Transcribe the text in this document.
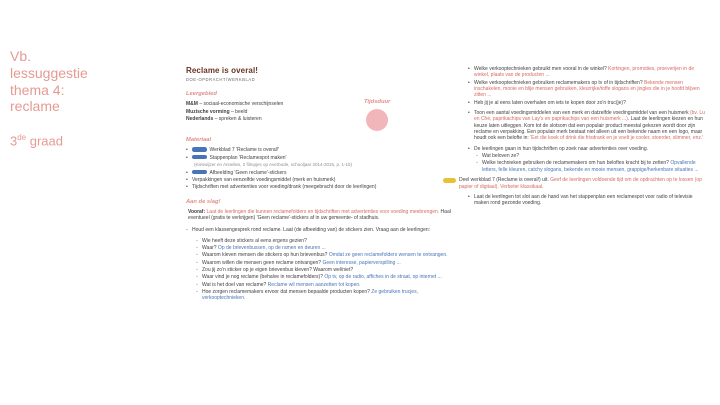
Vb. lessuggestie thema 4: reclame
3de graad
Reclame is overal!
DOE-OPDRACHT/WERKBLAD
Leergebied
M&M – sociaal-economische verschijnselen
Muzische vorming – beeld
Nederlands – spreken & luisteren
Materiaal
•	Werkblad 7 'Reclame is overal!'
•	Stappenplan 'Reclamespot maken'
(Kieswijzer en Annelies, 2 filmpjes op Averbode, schooljaar 2014-2015, p. 1-15)
•	Afbeelding 'Geen reclame'-stickers
• Verpakkingen van eenzelfde voedingsmiddel (merk en huismerk)
• Tijdschriften met advertenties voor voeding/drank (meegebracht door de leerlingen)
Aan de slag!
Vooraf: Laat de leerlingen die kunnen reclamefolders en tijdschriften met advertenties voor voeding meebrengen. Haal eventueel (gratis te verkrijgen) 'Geen reclame'-stickers af in uw gemeente- of stadhuis.
- Houd een klassengesprek rond reclame. Laat (de afbeelding van) de stickers zien. Vraag aan de leerlingen:
◦ Wie heeft deze stickers al eens ergens gezien?
◦ Waar? Op de brievenbussen, op de ramen en deuren ...
◦ Waarom kleven mensen die stickers op hun brievenbus? Omdat ze geen reclamefolders wensen te ontvangen.
◦ Waarom willen die mensen geen reclame ontvangen? Geen interesse, papierverspilling ...
◦ Zou jij zo'n sticker op je eigen brievenbus kleven? Waarom wel/niet?
◦ Waar vind je nog reclame (behalve in reclamefolders)? Op tv, op de radio, affiches in de straat, op internet ...
◦ Wat is het doel van reclame? Reclame wil mensen aanzetten tot kopen.
◦ Hoe zorgen reclamemakers ervoor dat mensen bepaalde producten kopen? Ze gebruiken trucjes, verkooptechnieken.
Tijdsduur
• Welke verkooptechnieken gebruikt men vooral in de winkel? Kortingen, promoties, proeverijen in de winkel, plaats van de producten ...
• Welke verkooptechnieken gebruiken reclamemakers op tv of in tijdschriften? Bekende mensen inschakelen, mooie en blije mensen gebruiken, kleurrijke/toffe slogans en jingles die in je hoofd blijven zitten ...
• Heb jij je al eens laten overhalen om iets te kopen door zo'n truc(je)?
• Toon een aantal voedingsmiddelen van een merk en datzelfde voedingsmiddel van een huismerk (bv. Lu en Ché, paprikachips van Lay's en paprikachips van een huismerk ...). Laat de leerlingen kiezen en hun keuze laten uitleggen. Kom tot de slotsom dat een populair product meestal gekozen wordt door zijn reclame en verpakking. Een populair merk bestaat niet alleen uit een bekende naam en een logo, maar houdt ook een belofte in: 'Eet die koek of drink die frisdrank en je voelt je cooler, stoerder, slimmer, enz.'
• De leerlingen gaan in hun tijdschriften op zoek naar advertenties over voeding.
◦ Wat beloven ze?
◦ Welke technieken gebruiken de reclamemakers om hun beloftes kracht bij te zetten? Opvallende letters, felle kleuren, catchy slogans, bekende en mooie mensen, grappige/herkenbare situaties ...
Deel werkblad 7 (Reclame is overal!) uit. Geef de leerlingen voldoende tijd om de opdrachten op te lossen (op papier of digitaal). Verbeter klassikaal.
• Laat de leerlingen tot slot aan de hand van het stappenplan een reclamespot voor radio of televisie maken rond gezonde voeding.
